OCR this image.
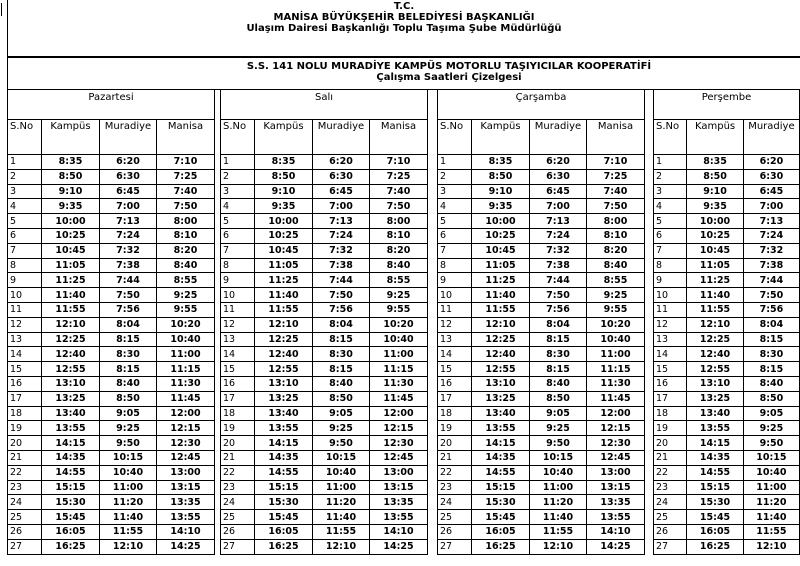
T.C.
MANİSA BÜYÜKŞEHİR BELEDİYESİ BAŞKANLIĞI
Ulaşım Dairesi Başkanlığı Toplu Taşıma Şube Müdürlüğü
S.S. 141 NOLU MURADİYE KAMPÜS MOTORLU TAŞIYICILAR KOOPERATİFİ
Çalışma Saatleri Çizelgesi
Pazartesi			
S.No	Kampüs	Muradiye	Manisa
1	8:35	6:20	7:10
2	8:50	6:30	7:25
3	9:10	6:45	7:40
4	9:35	7:00	7:50
5	10:00	7:13	8:00
6	10:25	7:24	8:10
7	10:45	7:32	8:20
8	11:05	7:38	8:40
9	11:25	7:44	8:55
10	11:40	7:50	9:25
11	11:55	7:56	9:55
12	12:10	8:04	10:20
13	12:25	8:15	10:40
14	12:40	8:30	11:00
15	12:55	8:15	11:15
16	13:10	8:40	11:30
17	13:25	8:50	11:45
18	13:40	9:05	12:00
19	13:55	9:25	12:15
20	14:15	9:50	12:30
21	14:35	10:15	12:45
22	14:55	10:40	13:00
23	15:15	11:00	13:15
24	15:30	11:20	13:35
25	15:45	11:40	13:55
26	16:05	11:55	14:10
27	16:25	12:10	14:25
Salı			
S.No	Kampüs	Muradiye	Manisa
1	8:35	6:20	7:10
2	8:50	6:30	7:25
3	9:10	6:45	7:40
4	9:35	7:00	7:50
5	10:00	7:13	8:00
6	10:25	7:24	8:10
7	10:45	7:32	8:20
8	11:05	7:38	8:40
9	11:25	7:44	8:55
10	11:40	7:50	9:25
11	11:55	7:56	9:55
12	12:10	8:04	10:20
13	12:25	8:15	10:40
14	12:40	8:30	11:00
15	12:55	8:15	11:15
16	13:10	8:40	11:30
17	13:25	8:50	11:45
18	13:40	9:05	12:00
19	13:55	9:25	12:15
20	14:15	9:50	12:30
21	14:35	10:15	12:45
22	14:55	10:40	13:00
23	15:15	11:00	13:15
24	15:30	11:20	13:35
25	15:45	11:40	13:55
26	16:05	11:55	14:10
27	16:25	12:10	14:25
Çarşamba			
S.No	Kampüs	Muradiye	Manisa
1	8:35	6:20	7:10
2	8:50	6:30	7:25
3	9:10	6:45	7:40
4	9:35	7:00	7:50
5	10:00	7:13	8:00
6	10:25	7:24	8:10
7	10:45	7:32	8:20
8	11:05	7:38	8:40
9	11:25	7:44	8:55
10	11:40	7:50	9:25
11	11:55	7:56	9:55
12	12:10	8:04	10:20
13	12:25	8:15	10:40
14	12:40	8:30	11:00
15	12:55	8:15	11:15
16	13:10	8:40	11:30
17	13:25	8:50	11:45
18	13:40	9:05	12:00
19	13:55	9:25	12:15
20	14:15	9:50	12:30
21	14:35	10:15	12:45
22	14:55	10:40	13:00
23	15:15	11:00	13:15
24	15:30	11:20	13:35
25	15:45	11:40	13:55
26	16:05	11:55	14:10
27	16:25	12:10	14:25
Perşembe		
S.No	Kampüs	Muradiye
1	8:35	6:20
2	8:50	6:30
3	9:10	6:45
4	9:35	7:00
5	10:00	7:13
6	10:25	7:24
7	10:45	7:32
8	11:05	7:38
9	11:25	7:44
10	11:40	7:50
11	11:55	7:56
12	12:10	8:04
13	12:25	8:15
14	12:40	8:30
15	12:55	8:15
16	13:10	8:40
17	13:25	8:50
18	13:40	9:05
19	13:55	9:25
20	14:15	9:50
21	14:35	10:15
22	14:55	10:40
23	15:15	11:00
24	15:30	11:20
25	15:45	11:40
26	16:05	11:55
27	16:25	12:10
